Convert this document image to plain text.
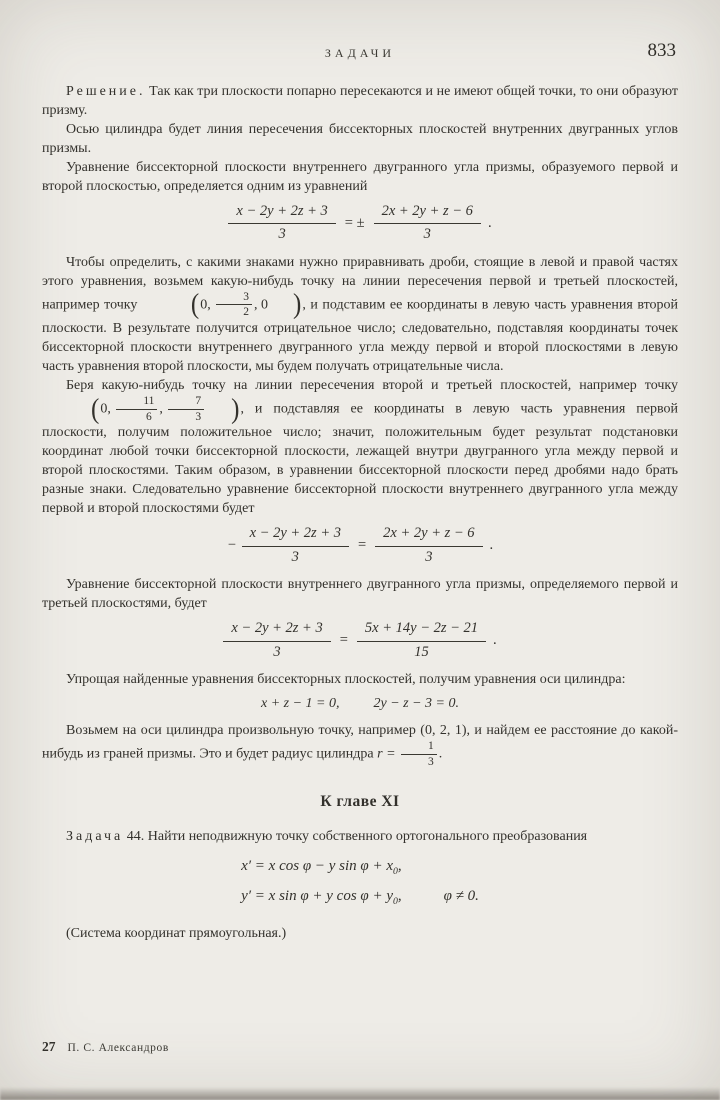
ЗАДАЧИ	833

Решение. Так как три плоскости попарно пересекаются и не имеют общей точки, то они образуют призму.

Осью цилиндра будет линия пересечения биссекторных плоскостей внутренних двугранных углов призмы.

Уравнение биссекторной плоскости внутреннего двугранного угла призмы, образуемого первой и второй плоскостью, определяется одним из уравнений

$\frac{x - 2y + 2z + 3}{3}$ = ± $\frac{2x + 2y + z - 6}{3}$ .

Чтобы определить, с какими знаками нужно приравнивать дроби, стоящие в левой и правой частях этого уравнения, возьмем какую-нибудь точку на линии пересечения первой и третьей плоскостей, например точку (0, $\frac{3}{2}$ , 0 ), и подставим ее координаты в левую часть уравнения второй плоскости. В результате получится отрицательное число; следовательно, подставляя координаты точек биссекторной плоскости внутреннего двугранного угла между первой и второй плоскостями в левую часть уравнения второй плоскости, мы будем получать отрицательные числа.

Беря какую-нибудь точку на линии пересечения второй и третьей плоскостей, например точку (0, $\frac{11}{6}$ , $\frac{7}{3}$ ), и подставляя ее координаты в левую часть уравнения первой плоскости, получим положительное число; значит, положительным будет результат подстановки координат любой точки биссекторной плоскости, лежащей внутри двугранного угла между первой и второй плоскостями. Таким образом, в уравнении биссекторной плоскости перед дробями надо брать разные знаки. Следовательно уравнение биссекторной плоскости внутреннего двугранного угла между первой и второй плоскостями будет

− $\frac{x - 2y + 2z + 3}{3} = \frac{2x + 2y + z - 6}{3}$ .

Уравнение биссекторной плоскости внутреннего двугранного угла призмы, определяемого первой и третьей плоскостями, будет

$\frac{x - 2y + 2z + 3}{3} = \frac{5x + 14y - 2z - 21}{15}$ .

Упрощая найденные уравнения биссекторных плоскостей, получим уравнения оси цилиндра:

x + z − 1 = 0, 2y − z − 3 = 0.

Возьмем на оси цилиндра произвольную точку, например (0, 2, 1), и найдем ее расстояние до какой-нибудь из граней призмы. Это и будет радиус цилиндра $r = \frac{1}{3}$ .

К главе XI

Задача 44. Найти неподвижную точку собственного ортогонального преобразования

x′ = x cos φ − y $\sin \varphi + x_0$,
y′ = x sin φ + y $\cos \varphi + y_0$,	φ ≠ 0.

(Система координат прямоугольная.)

27 П. С. Александров
